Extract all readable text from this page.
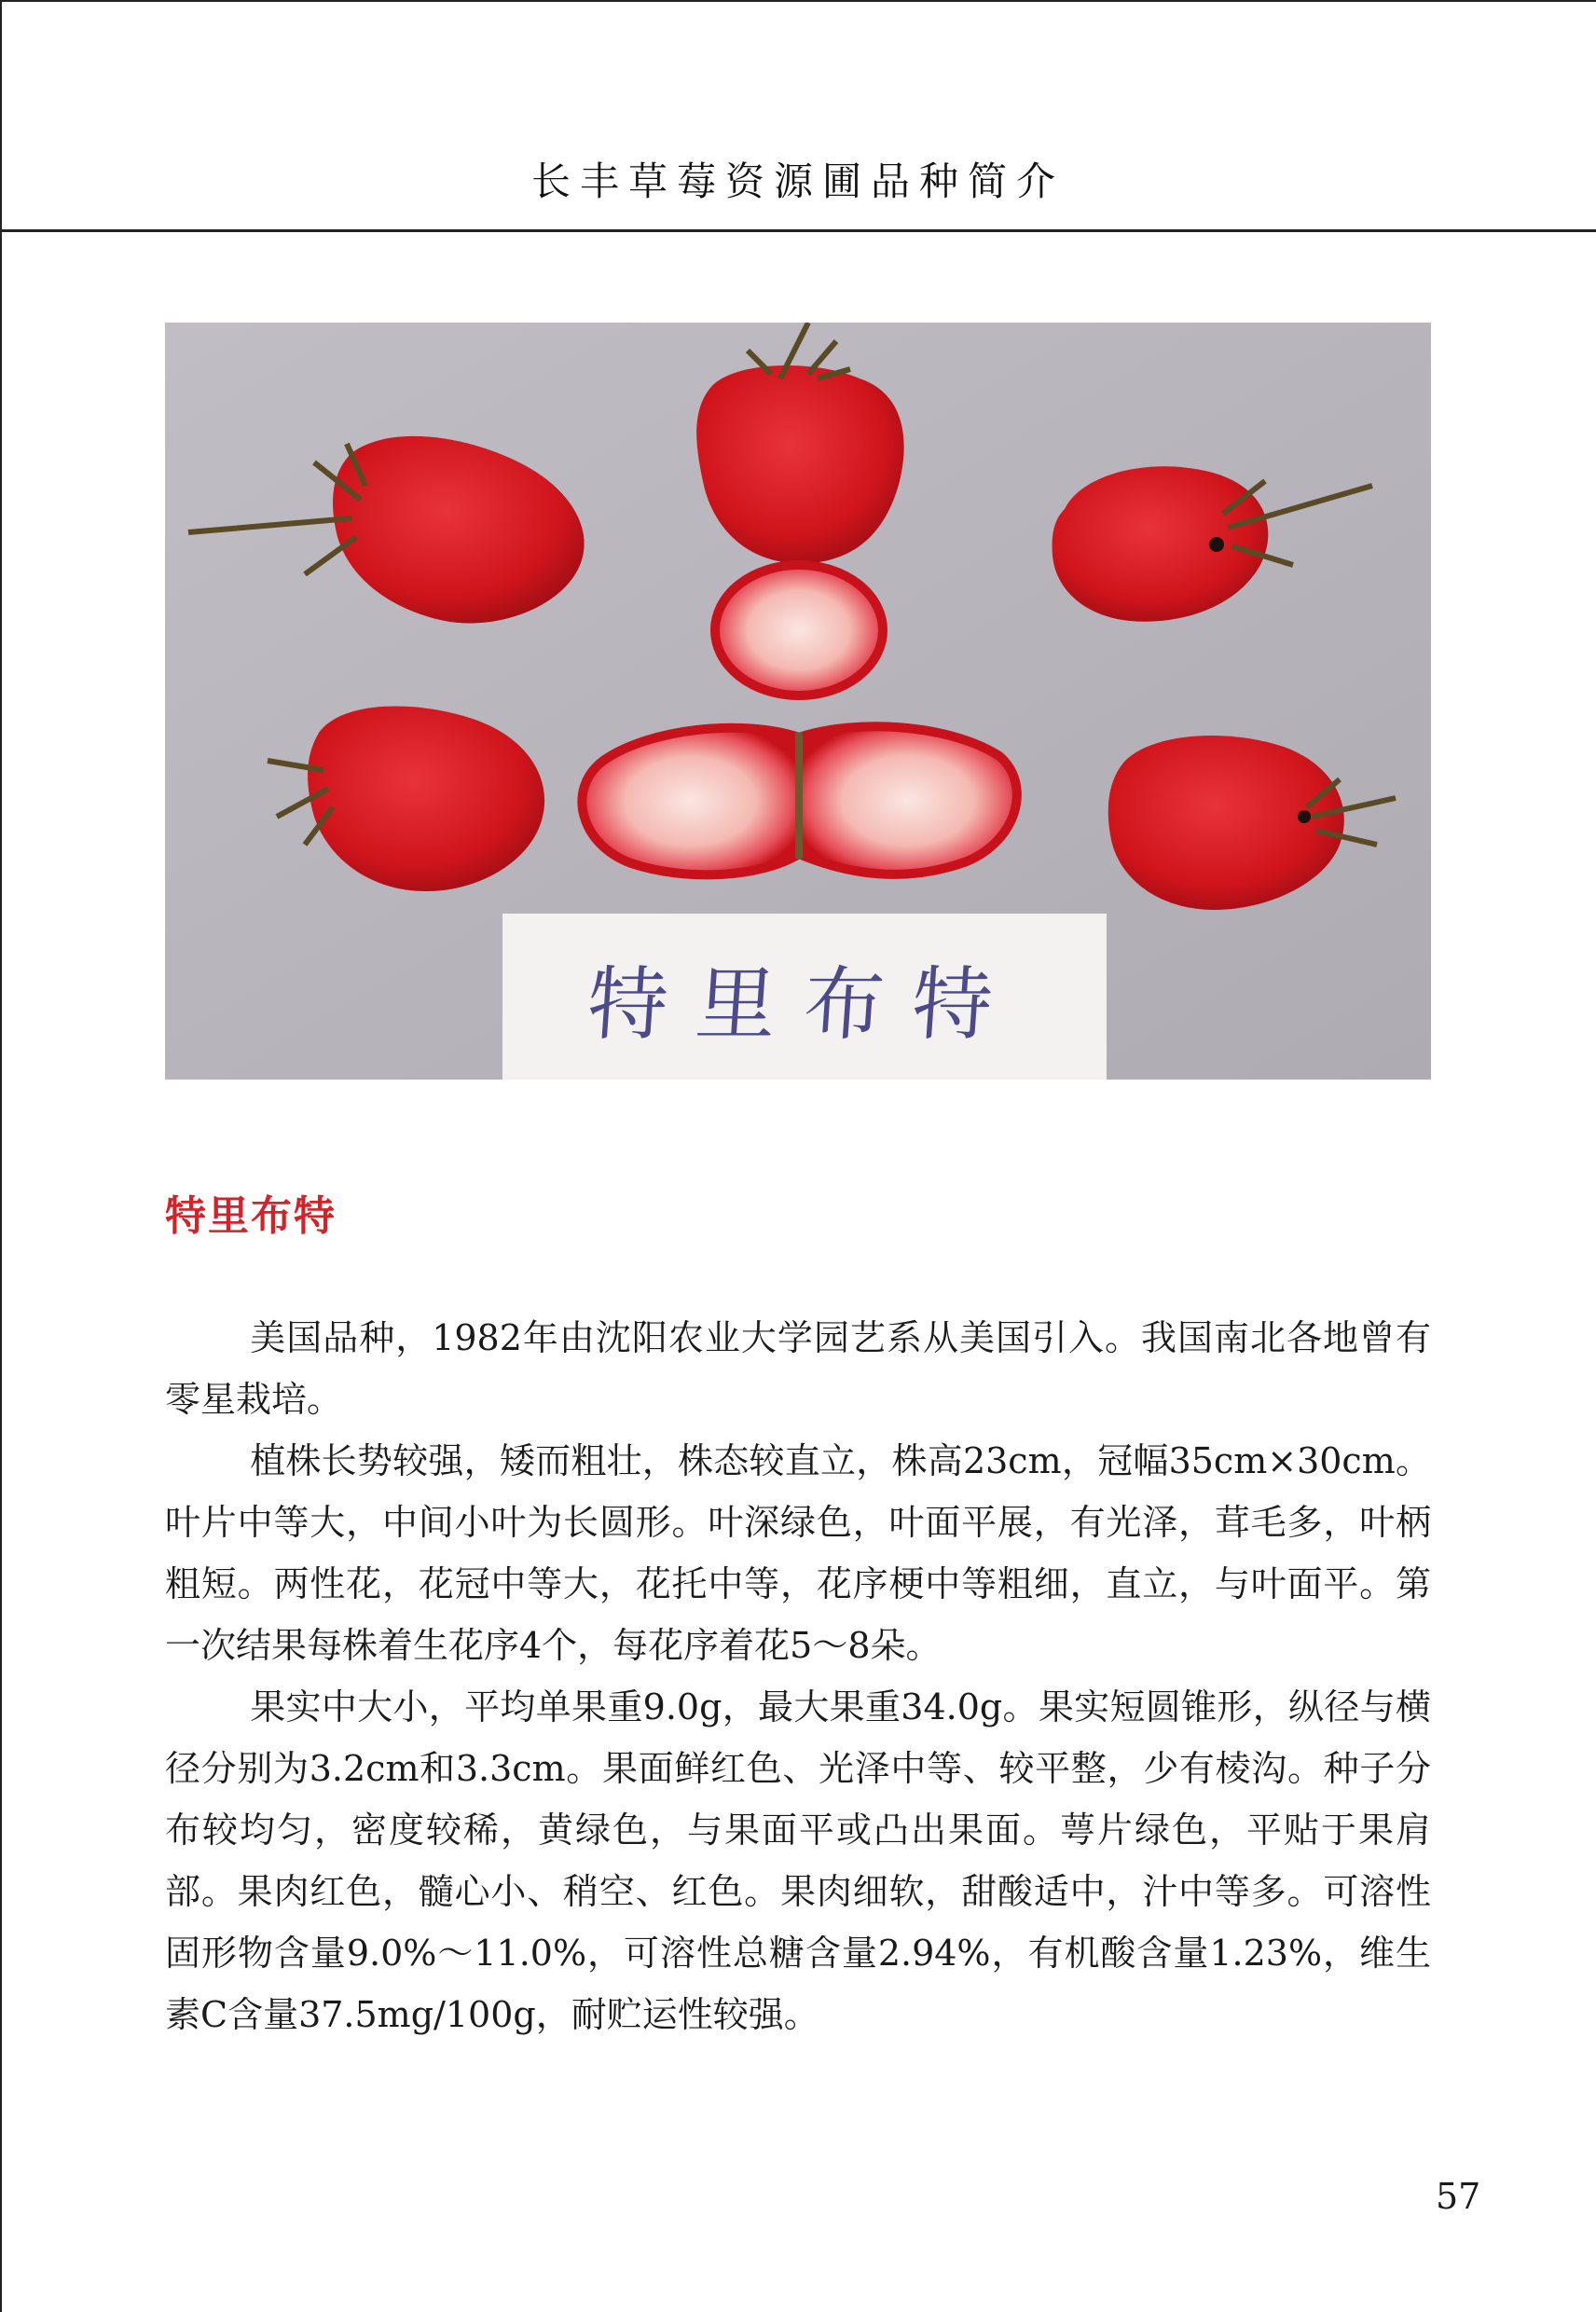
长丰草莓资源圃品种简介
特里布特
特里布特

美国品种，1982年由沈阳农业大学园艺系从美国引入。我国南北各地曾有零星栽培。

植株长势较强，矮而粗壮，株态较直立，株高23cm，冠幅35cm×30cm。叶片中等大，中间小叶为长圆形。叶深绿色，叶面平展，有光泽，茸毛多，叶柄粗短。两性花，花冠中等大，花托中等，花序梗中等粗细，直立，与叶面平。第一次结果每株着生花序4个，每花序着花5～8朵。

果实中大小，平均单果重9.0g，最大果重34.0g。果实短圆锥形，纵径与横径分别为3.2cm和3.3cm。果面鲜红色、光泽中等、较平整，少有棱沟。种子分布较均匀，密度较稀，黄绿色，与果面平或凸出果面。萼片绿色，平贴于果肩部。果肉红色，髓心小、稍空、红色。果肉细软，甜酸适中，汁中等多。可溶性固形物含量9.0%～11.0%，可溶性总糖含量2.94%，有机酸含量1.23%，维生素C含量37.5mg/100g，耐贮运性较强。

57
